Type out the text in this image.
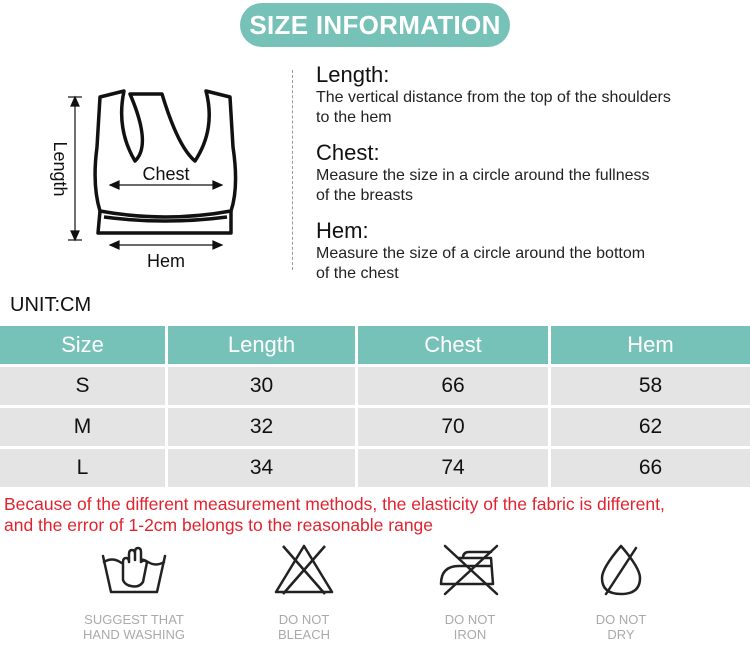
SIZE INFORMATION
Length	Chest
Hem
Length:
The vertical distance from the top of the shoulders
to the hem
Chest:
Measure the size in a circle around the fullness
of the breasts
Hem:
Measure the size of a circle around the bottom
of the chest
UNIT:CM
Size	Length	Chest	Hem
S	30	66	58
M	32	70	62
L	34	74	66
Because of the different measurement methods, the elasticity of the fabric is different,
and the error of 1-2cm belongs to the reasonable range
SUGGEST THAT
HAND WASHING
DO NOT
BLEACH
DO NOT
IRON
DO NOT
DRY
